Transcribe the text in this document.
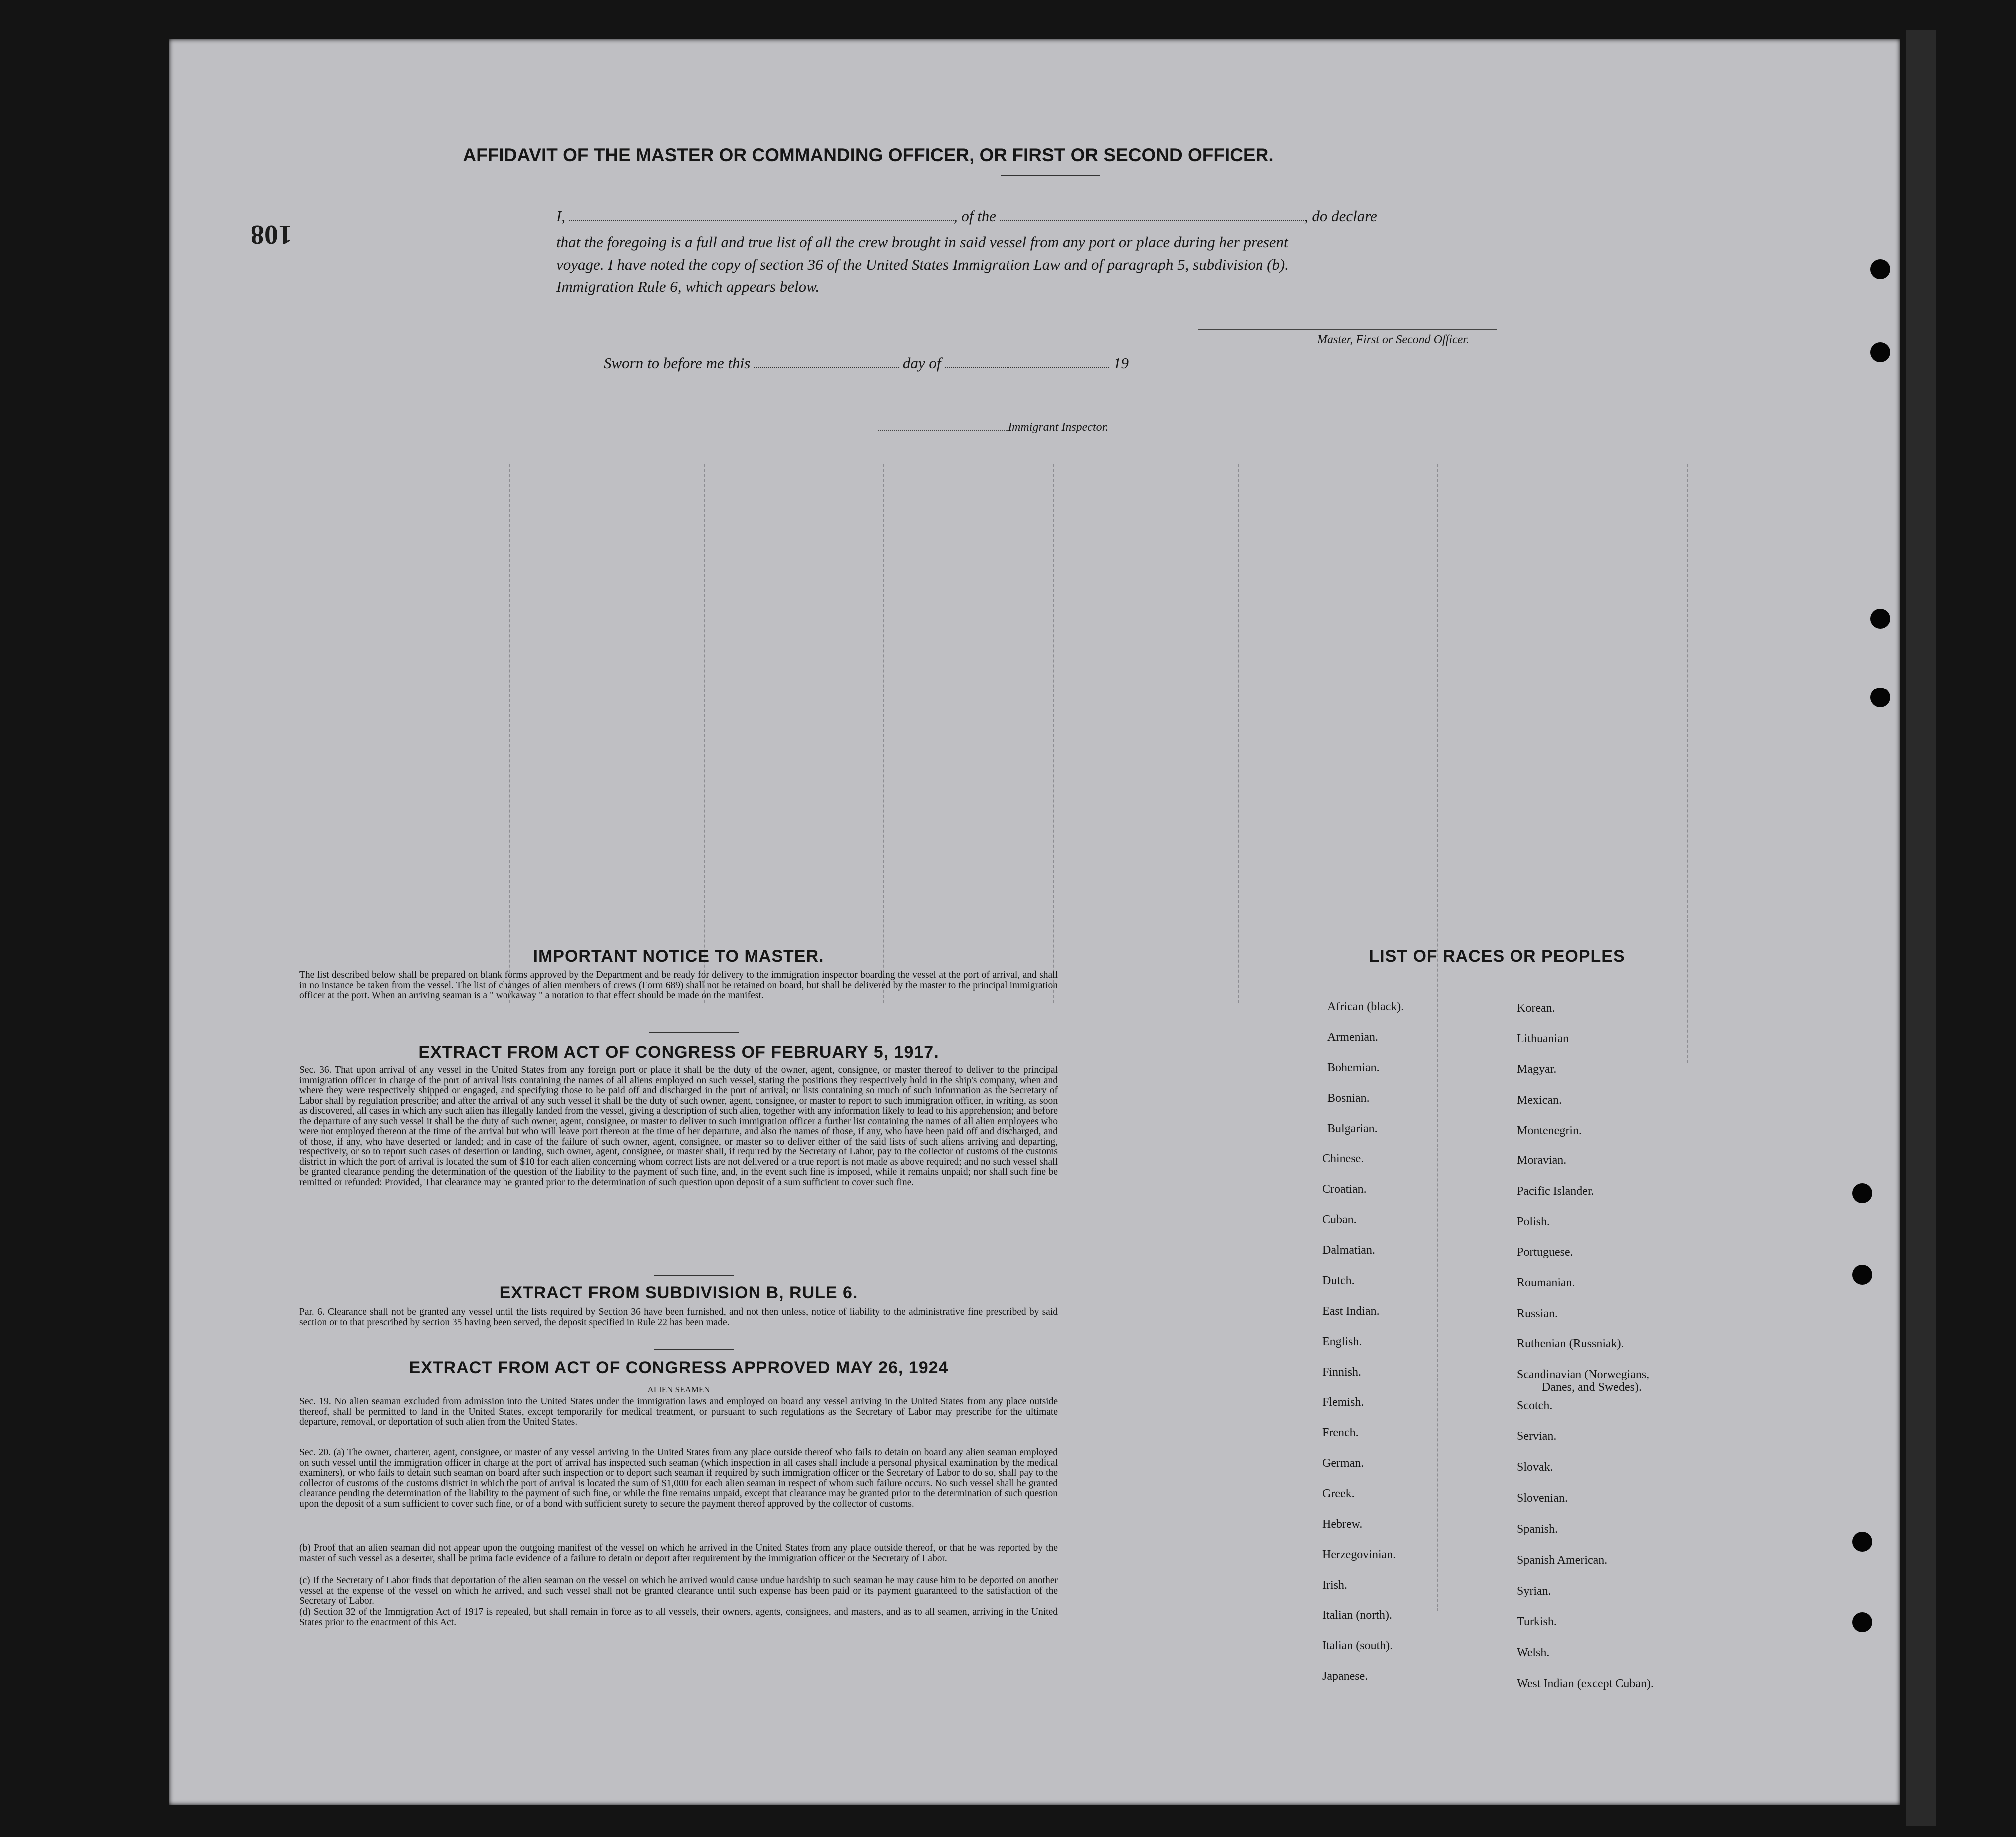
108
AFFIDAVIT OF THE MASTER OR COMMANDING OFFICER, OR FIRST OR SECOND OFFICER.
I,	, of the	, do declare
that the foregoing is a full and true list of all the crew brought in said vessel from any port or place during her present
voyage. I have noted the copy of section 36 of the United States Immigration Law and of paragraph 5, subdivision (b).
Immigration Rule 6, which appears below.
Master, First or Second Officer.
Sworn to before me this	day of	19
Immigrant Inspector.
IMPORTANT NOTICE TO MASTER.
The list described below shall be prepared on blank forms approved by the Department and be ready for delivery to the immigration inspector boarding the vessel at the port of arrival, and shall in no instance be taken from the vessel. The list of changes of alien members of crews (Form 689) shall not be retained on board, but shall be delivered by the master to the principal immigration officer at the port. When an arriving seaman is a " workaway " a notation to that effect should be made on the manifest.
EXTRACT FROM ACT OF CONGRESS OF FEBRUARY 5, 1917.
Sec. 36. That upon arrival of any vessel in the United States from any foreign port or place it shall be the duty of the owner, agent, consignee, or master thereof to deliver to the principal immigration officer in charge of the port of arrival lists containing the names of all aliens employed on such vessel, stating the positions they respectively hold in the ship's company, when and where they were respectively shipped or engaged, and specifying those to be paid off and discharged in the port of arrival; or lists containing so much of such information as the Secretary of Labor shall by regulation prescribe; and after the arrival of any such vessel it shall be the duty of such owner, agent, consignee, or master to report to such immigration officer, in writing, as soon as discovered, all cases in which any such alien has illegally landed from the vessel, giving a description of such alien, together with any information likely to lead to his apprehension; and before the departure of any such vessel it shall be the duty of such owner, agent, consignee, or master to deliver to such immigration officer a further list containing the names of all alien employees who were not employed thereon at the time of the arrival but who will leave port thereon at the time of her departure, and also the names of those, if any, who have been paid off and discharged, and of those, if any, who have deserted or landed; and in case of the failure of such owner, agent, consignee, or master so to deliver either of the said lists of such aliens arriving and departing, respectively, or so to report such cases of desertion or landing, such owner, agent, consignee, or master shall, if required by the Secretary of Labor, pay to the collector of customs of the customs district in which the port of arrival is located the sum of $10 for each alien concerning whom correct lists are not delivered or a true report is not made as above required; and no such vessel shall be granted clearance pending the determination of the question of the liability to the payment of such fine, and, in the event such fine is imposed, while it remains unpaid; nor shall such fine be remitted or refunded: Provided, That clearance may be granted prior to the determination of such question upon deposit of a sum sufficient to cover such fine.
EXTRACT FROM SUBDIVISION B, RULE 6.
Par. 6. Clearance shall not be granted any vessel until the lists required by Section 36 have been furnished, and not then unless, notice of liability to the administrative fine prescribed by said section or to that prescribed by section 35 having been served, the deposit specified in Rule 22 has been made.
EXTRACT FROM ACT OF CONGRESS APPROVED MAY 26, 1924
ALIEN SEAMEN
Sec. 19. No alien seaman excluded from admission into the United States under the immigration laws and employed on board any vessel arriving in the United States from any place outside thereof, shall be permitted to land in the United States, except temporarily for medical treatment, or pursuant to such regulations as the Secretary of Labor may prescribe for the ultimate departure, removal, or deportation of such alien from the United States.
Sec. 20. (a) The owner, charterer, agent, consignee, or master of any vessel arriving in the United States from any place outside thereof who fails to detain on board any alien seaman employed on such vessel until the immigration officer in charge at the port of arrival has inspected such seaman (which inspection in all cases shall include a personal physical examination by the medical examiners), or who fails to detain such seaman on board after such inspection or to deport such seaman if required by such immigration officer or the Secretary of Labor to do so, shall pay to the collector of customs of the customs district in which the port of arrival is located the sum of $1,000 for each alien seaman in respect of whom such failure occurs. No such vessel shall be granted clearance pending the determination of the liability to the payment of such fine, or while the fine remains unpaid, except that clearance may be granted prior to the determination of such question upon the deposit of a sum sufficient to cover such fine, or of a bond with sufficient surety to secure the payment thereof approved by the collector of customs.
(b) Proof that an alien seaman did not appear upon the outgoing manifest of the vessel on which he arrived in the United States from any place outside thereof, or that he was reported by the master of such vessel as a deserter, shall be prima facie evidence of a failure to detain or deport after requirement by the immigration officer or the Secretary of Labor.
(c) If the Secretary of Labor finds that deportation of the alien seaman on the vessel on which he arrived would cause undue hardship to such seaman he may cause him to be deported on another vessel at the expense of the vessel on which he arrived, and such vessel shall not be granted clearance until such expense has been paid or its payment guaranteed to the satisfaction of the Secretary of Labor.
(d) Section 32 of the Immigration Act of 1917 is repealed, but shall remain in force as to all vessels, their owners, agents, consignees, and masters, and as to all seamen, arriving in the United States prior to the enactment of this Act.
LIST OF RACES OR PEOPLES
African (black).
Armenian.
Bohemian.
Bosnian.
Bulgarian.
Chinese.
Croatian.
Cuban.
Dalmatian.
Dutch.
East Indian.
English.
Finnish.
Flemish.
French.
German.
Greek.
Hebrew.
Herzegovinian.
Irish.
Italian (north).
Italian (south).
Japanese.
Korean.
Lithuanian
Magyar.
Mexican.
Montenegrin.
Moravian.
Pacific Islander.
Polish.
Portuguese.
Roumanian.
Russian.
Ruthenian (Russniak).
Scandinavian (Norwegians,
Danes, and Swedes).
Scotch.
Servian.
Slovak.
Slovenian.
Spanish.
Spanish American.
Syrian.
Turkish.
Welsh.
West Indian (except Cuban).
